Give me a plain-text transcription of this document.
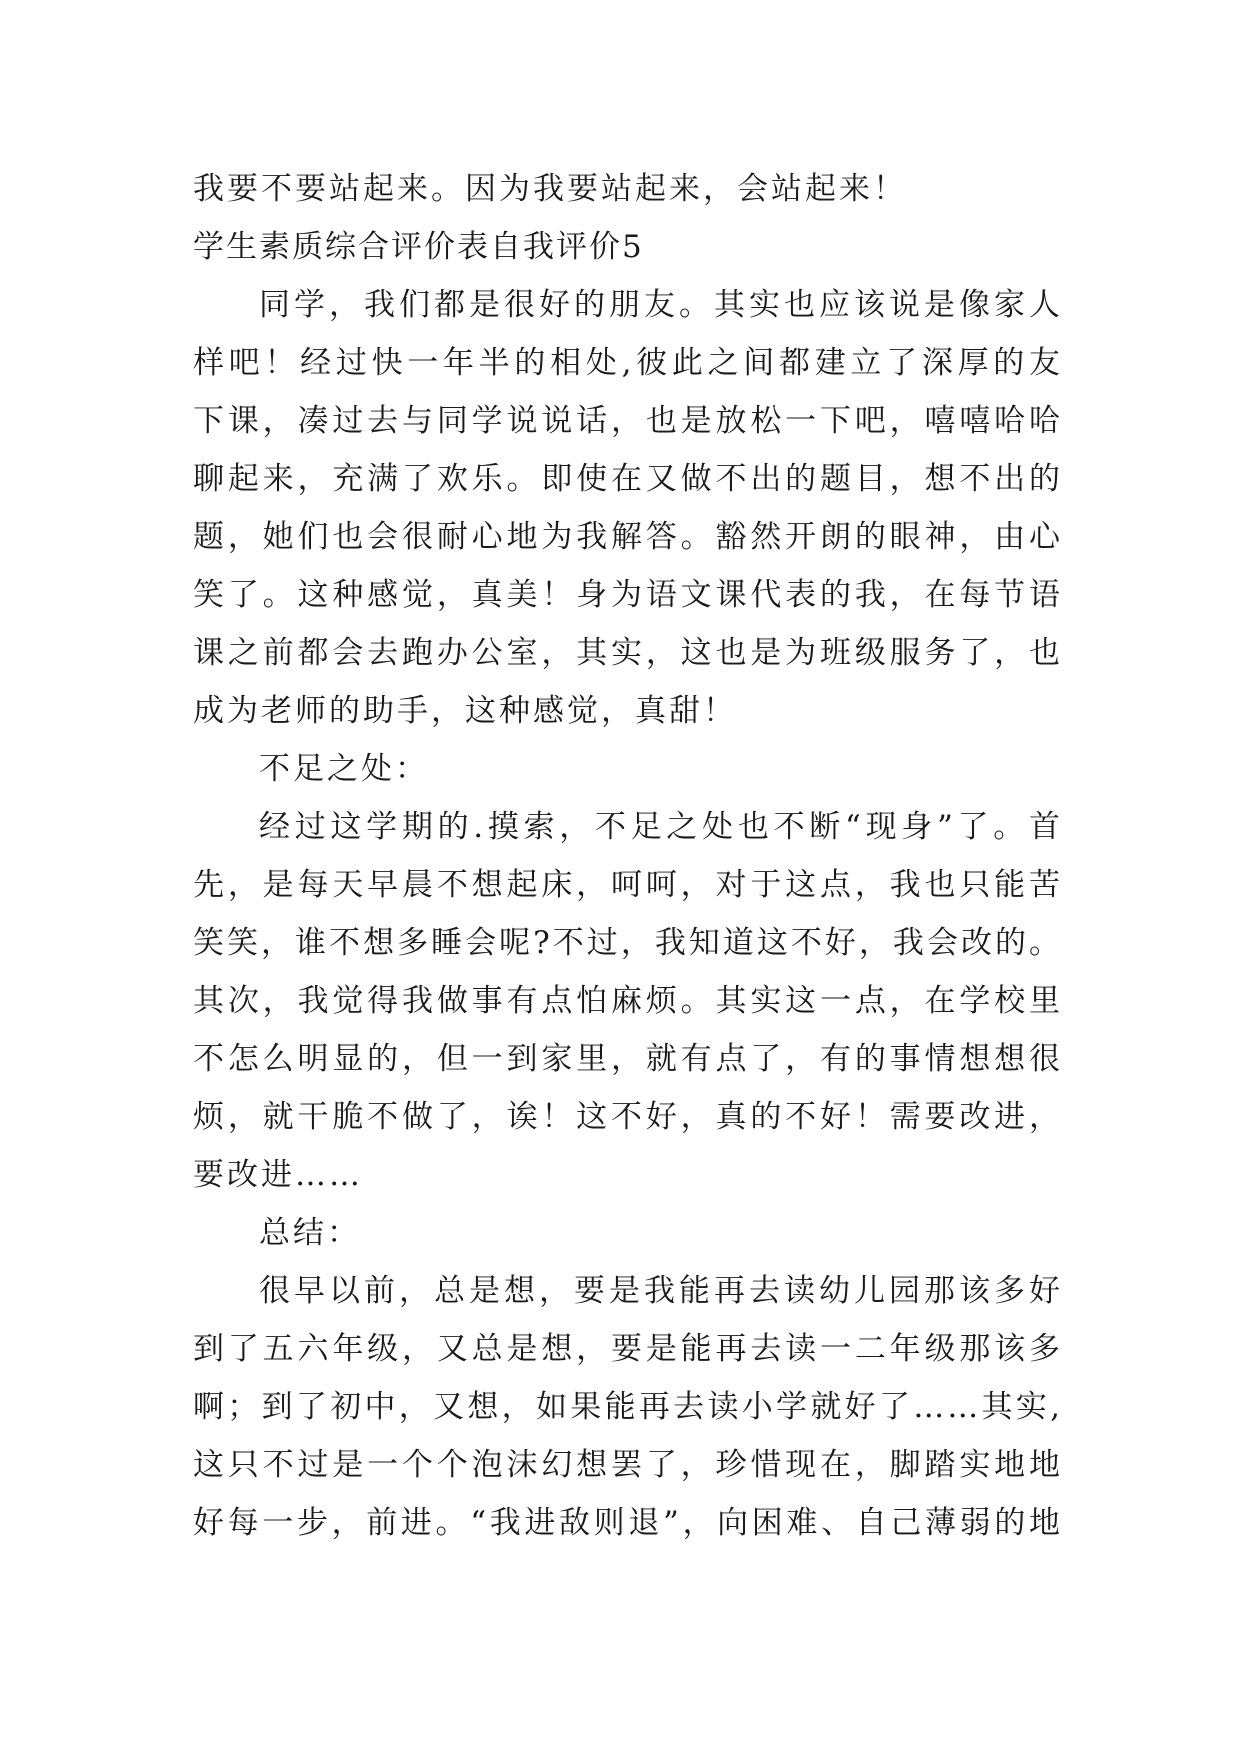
我要不要站起来。因为我要站起来，会站起来！
学生素质综合评价表自我评价5
同学，我们都是很好的朋友。其实也应该说是像家人
样吧！经过快一年半的相处,彼此之间都建立了深厚的友
下课，凑过去与同学说说话，也是放松一下吧，嘻嘻哈哈
聊起来，充满了欢乐。即使在又做不出的题目，想不出的
题，她们也会很耐心地为我解答。豁然开朗的眼神，由心
笑了。这种感觉，真美！身为语文课代表的我，在每节语
课之前都会去跑办公室，其实，这也是为班级服务了，也
成为老师的助手，这种感觉，真甜！
不足之处：
经过这学期的.摸索，不足之处也不断“现身”了。首
先，是每天早晨不想起床，呵呵，对于这点，我也只能苦
笑笑，谁不想多睡会呢?不过，我知道这不好，我会改的。
其次，我觉得我做事有点怕麻烦。其实这一点，在学校里
不怎么明显的，但一到家里，就有点了，有的事情想想很
烦，就干脆不做了，诶！这不好，真的不好！需要改进，
要改进……
总结：
很早以前，总是想，要是我能再去读幼儿园那该多好
到了五六年级，又总是想，要是能再去读一二年级那该多
啊；到了初中，又想，如果能再去读小学就好了……其实,
这只不过是一个个泡沫幻想罢了，珍惜现在，脚踏实地地
好每一步，前进。“我进敌则退”，向困难、自己薄弱的地
